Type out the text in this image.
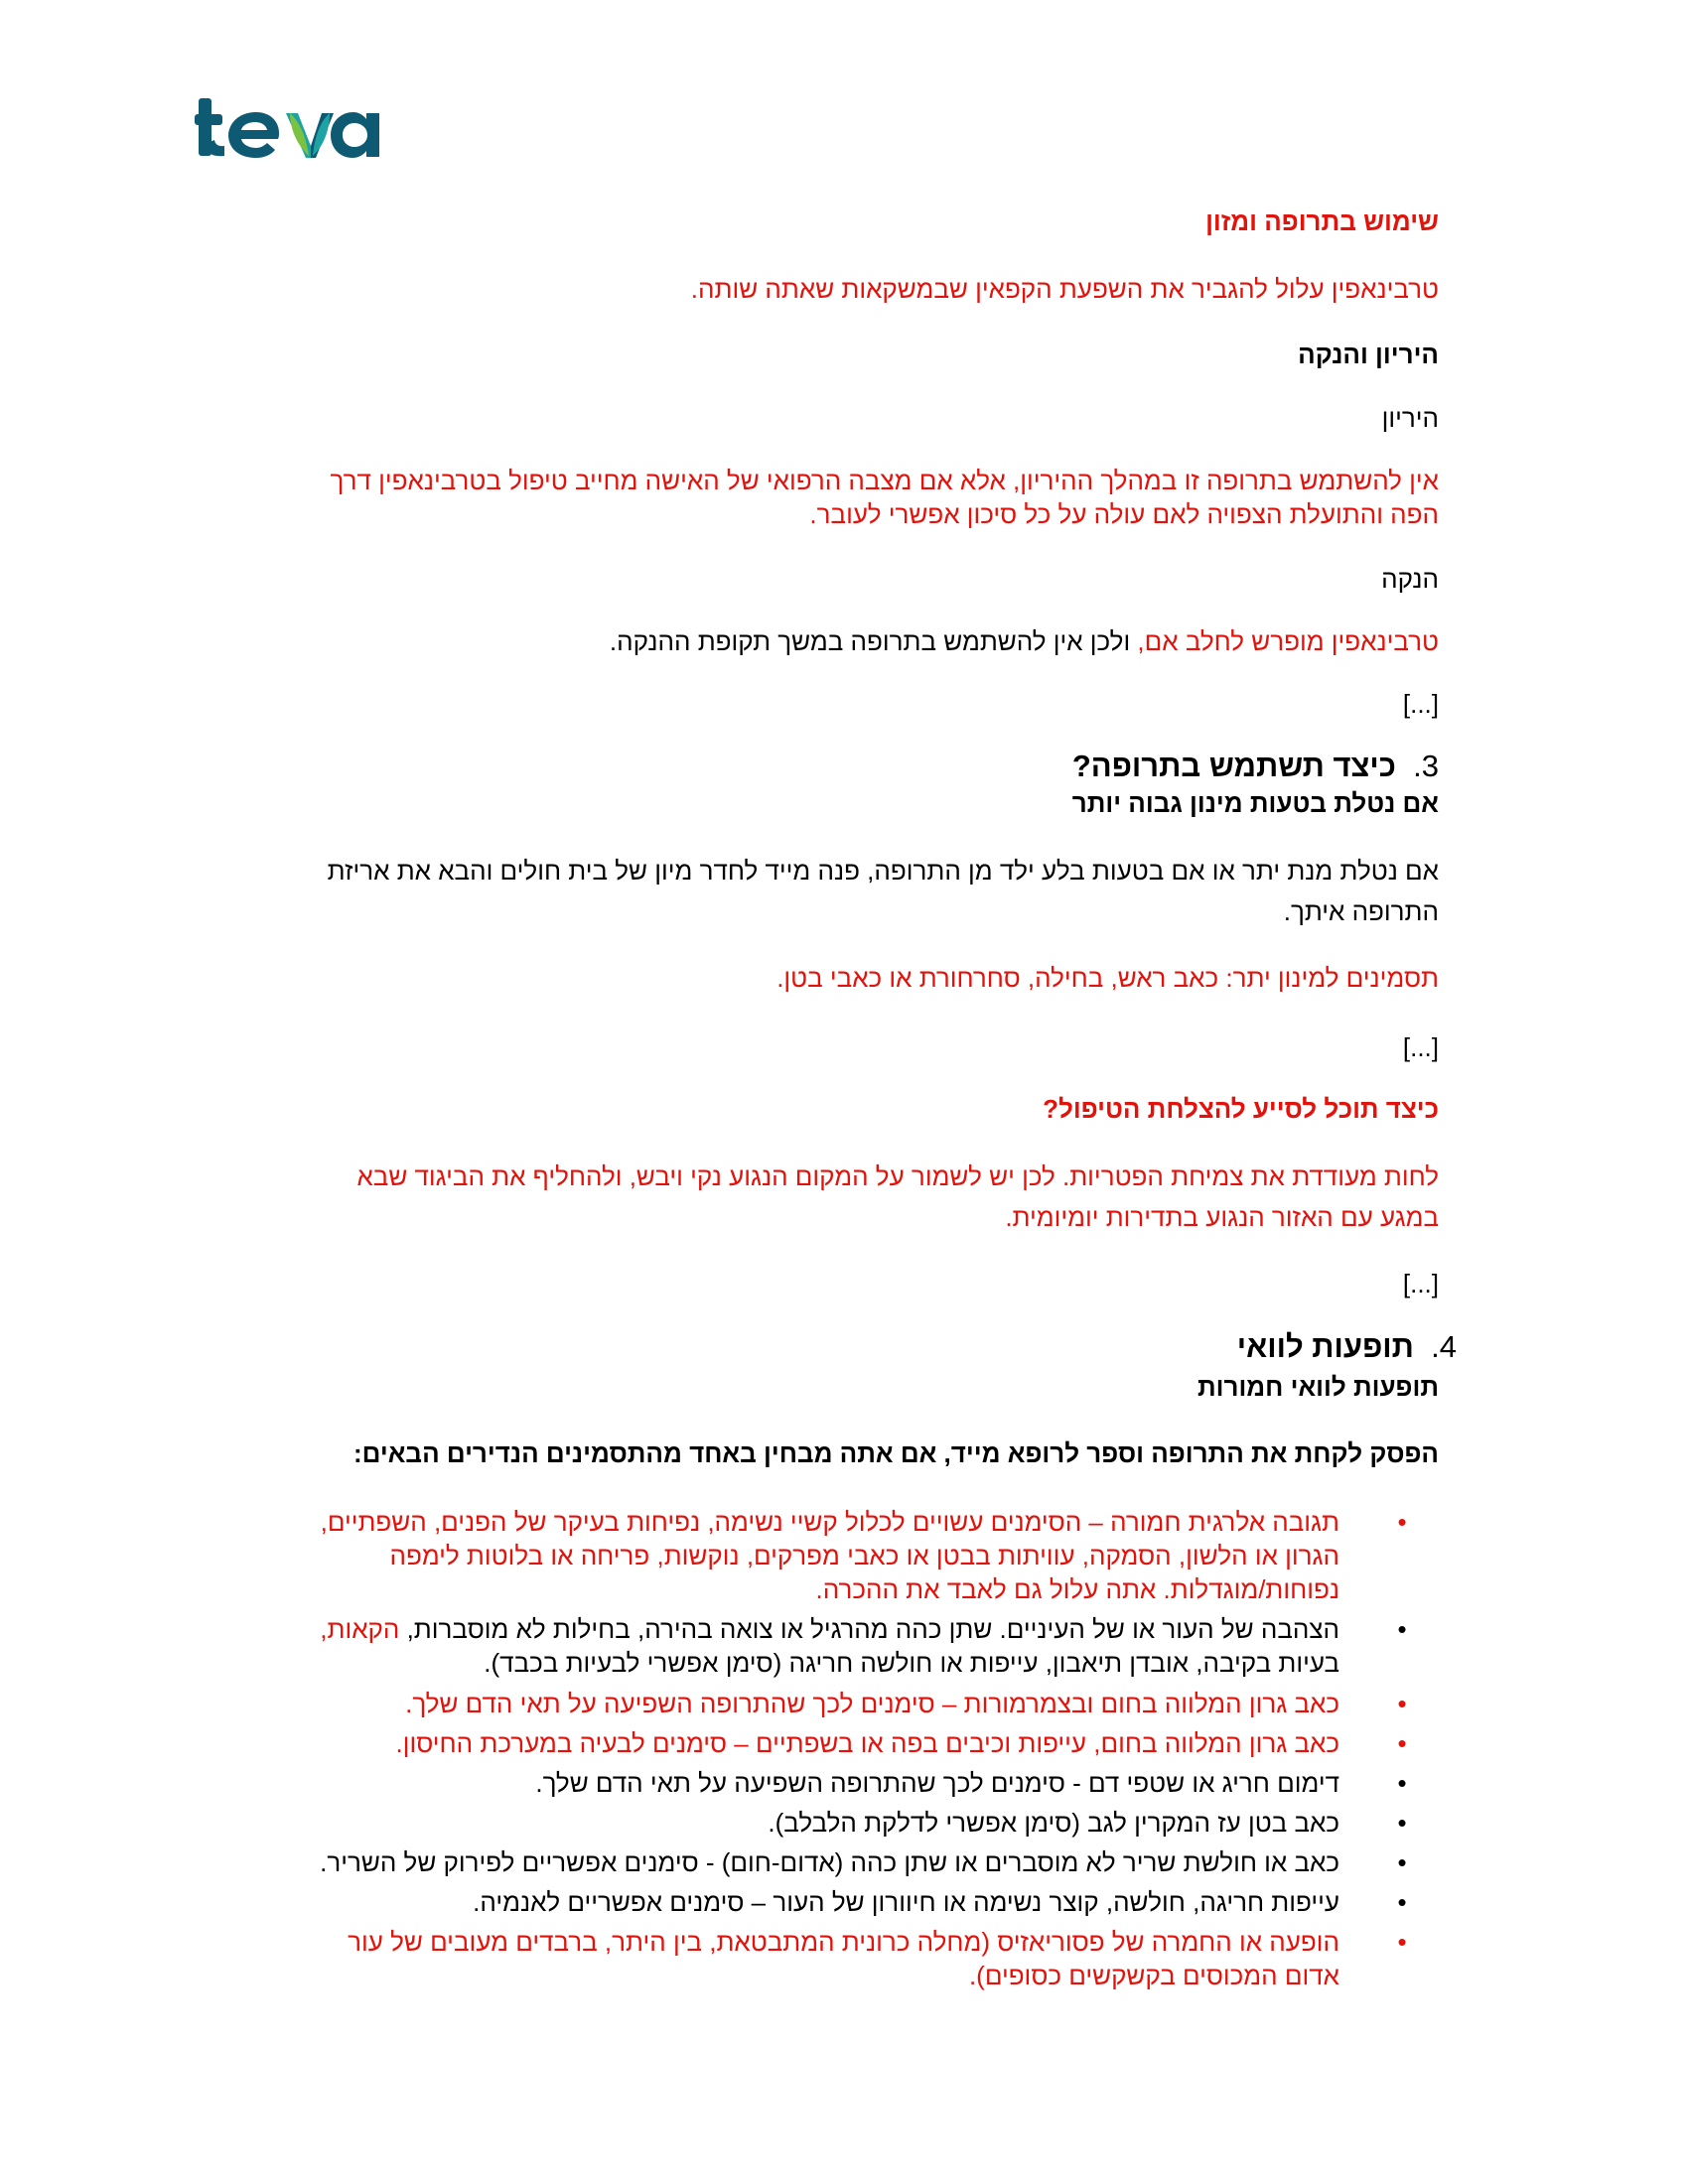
שימוש בתרופה ומזון
טרבינאפין עלול להגביר את השפעת הקפאין שבמשקאות שאתה שותה.
היריון והנקה
היריון
אין להשתמש בתרופה זו במהלך ההיריון, אלא אם מצבה הרפואי של האישה מחייב טיפול בטרבינאפין דרך
הפה והתועלת הצפויה לאם עולה על כל סיכון אפשרי לעובר.
הנקה
טרבינאפין מופרש לחלב אם, ולכן אין להשתמש בתרופה במשך תקופת ההנקה.
[...]
3.  כיצד תשתמש בתרופה?
אם נטלת בטעות מינון גבוה יותר
אם נטלת מנת יתר או אם בטעות בלע ילד מן התרופה, פנה מייד לחדר מיון של בית חולים והבא את אריזת
התרופה איתך.
תסמינים למינון יתר: כאב ראש, בחילה, סחרחורת או כאבי בטן.
[...]
כיצד תוכל לסייע להצלחת הטיפול?
לחות מעודדת את צמיחת הפטריות. לכן יש לשמור על המקום הנגוע נקי ויבש, ולהחליף את הביגוד שבא
במגע עם האזור הנגוע בתדירות יומיומית.
[...]
4.  תופעות לוואי
תופעות לוואי חמורות
הפסק לקחת את התרופה וספר לרופא מייד, אם אתה מבחין באחד מהתסמינים הנדירים הבאים:
•
תגובה אלרגית חמורה – הסימנים עשויים לכלול קשיי נשימה, נפיחות בעיקר של הפנים, השפתיים,
הגרון או הלשון, הסמקה, עוויתות בבטן או כאבי מפרקים, נוקשות, פריחה או בלוטות לימפה
נפוחות/מוגדלות. אתה עלול גם לאבד את ההכרה.
•
הצהבה של העור או של העיניים. שתן כהה מהרגיל או צואה בהירה, בחילות לא מוסברות, הקאות,
בעיות בקיבה, אובדן תיאבון, עייפות או חולשה חריגה (סימן אפשרי לבעיות בכבד).
•
כאב גרון המלווה בחום ובצמרמורות – סימנים לכך שהתרופה השפיעה על תאי הדם שלך.
•
כאב גרון המלווה בחום, עייפות וכיבים בפה או בשפתיים – סימנים לבעיה במערכת החיסון.
•
דימום חריג או שטפי דם - סימנים לכך שהתרופה השפיעה על תאי הדם שלך.
•
כאב בטן עז המקרין לגב (סימן אפשרי לדלקת הלבלב).
•
כאב או חולשת שריר לא מוסברים או שתן כהה (אדום-חום) - סימנים אפשריים לפירוק של השריר.
•
עייפות חריגה, חולשה, קוצר נשימה או חיוורון של העור – סימנים אפשריים לאנמיה.
•
הופעה או החמרה של פסוריאזיס (מחלה כרונית המתבטאת, בין היתר, ברבדים מעובים של עור
אדום המכוסים בקשקשים כסופים).
